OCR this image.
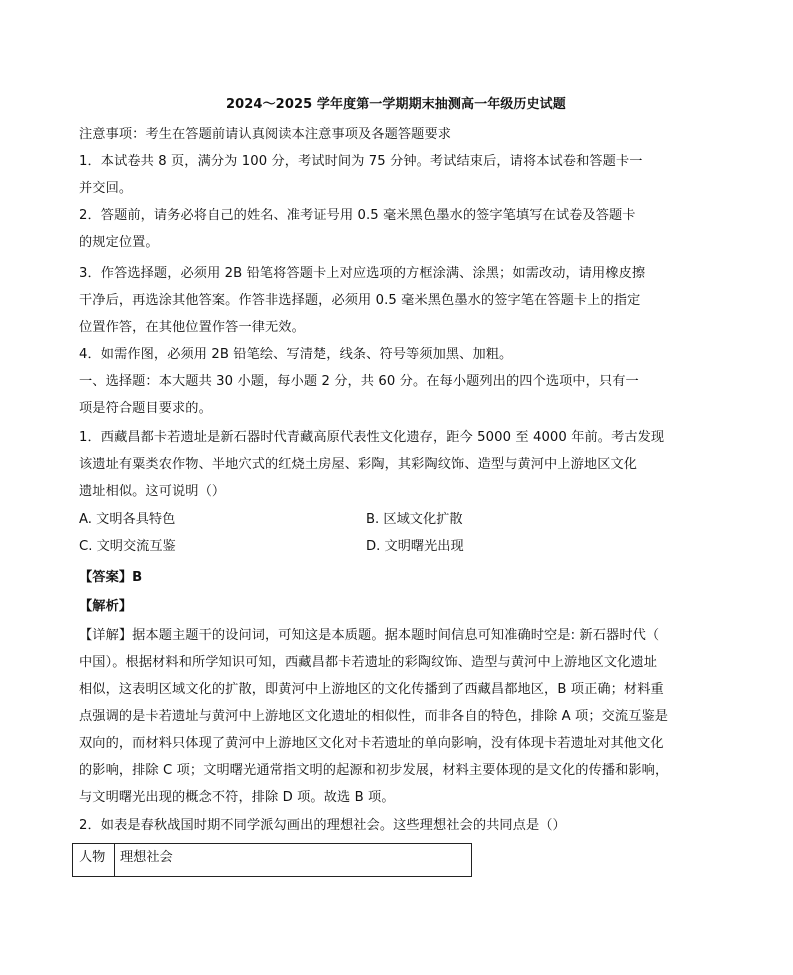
2024～2025 学年度第一学期期末抽测高一年级历史试题
注意事项：考生在答题前请认真阅读本注意事项及各题答题要求
1．本试卷共 8 页，满分为 100 分，考试时间为 75 分钟。考试结束后，请将本试卷和答题卡一
并交回。
2．答题前，请务必将自己的姓名、准考证号用 0.5 毫米黑色墨水的签字笔填写在试卷及答题卡
的规定位置。
3．作答选择题，必须用 2B 铅笔将答题卡上对应选项的方框涂满、涂黑；如需改动，请用橡皮擦
干净后，再选涂其他答案。作答非选择题，必须用 0.5 毫米黑色墨水的签字笔在答题卡上的指定
位置作答，在其他位置作答一律无效。
4．如需作图，必须用 2B 铅笔绘、写清楚，线条、符号等须加黑、加粗。
一、选择题：本大题共 30 小题，每小题 2 分，共 60 分。在每小题列出的四个选项中，只有一
项是符合题目要求的。
1．西藏昌都卡若遗址是新石器时代青藏高原代表性文化遗存，距今 5000 至 4000 年前。考古发现
该遗址有粟类农作物、半地穴式的红烧土房屋、彩陶，其彩陶纹饰、造型与黄河中上游地区文化
遗址相似。这可说明（）
A. 文明各具特色	B. 区域文化扩散
C. 文明交流互鉴	D. 文明曙光出现
【答案】B
【解析】
【详解】据本题主题干的设问词，可知这是本质题。据本题时间信息可知准确时空是: 新石器时代（
中国）。根据材料和所学知识可知，西藏昌都卡若遗址的彩陶纹饰、造型与黄河中上游地区文化遗址
相似，这表明区域文化的扩散，即黄河中上游地区的文化传播到了西藏昌都地区，B 项正确；材料重
点强调的是卡若遗址与黄河中上游地区文化遗址的相似性，而非各自的特色，排除 A 项；交流互鉴是
双向的，而材料只体现了黄河中上游地区文化对卡若遗址的单向影响，没有体现卡若遗址对其他文化
的影响，排除 C 项；文明曙光通常指文明的起源和初步发展，材料主要体现的是文化的传播和影响，
与文明曙光出现的概念不符，排除 D 项。故选 B 项。
2．如表是春秋战国时期不同学派勾画出的理想社会。这些理想社会的共同点是（）
人物	理想社会
